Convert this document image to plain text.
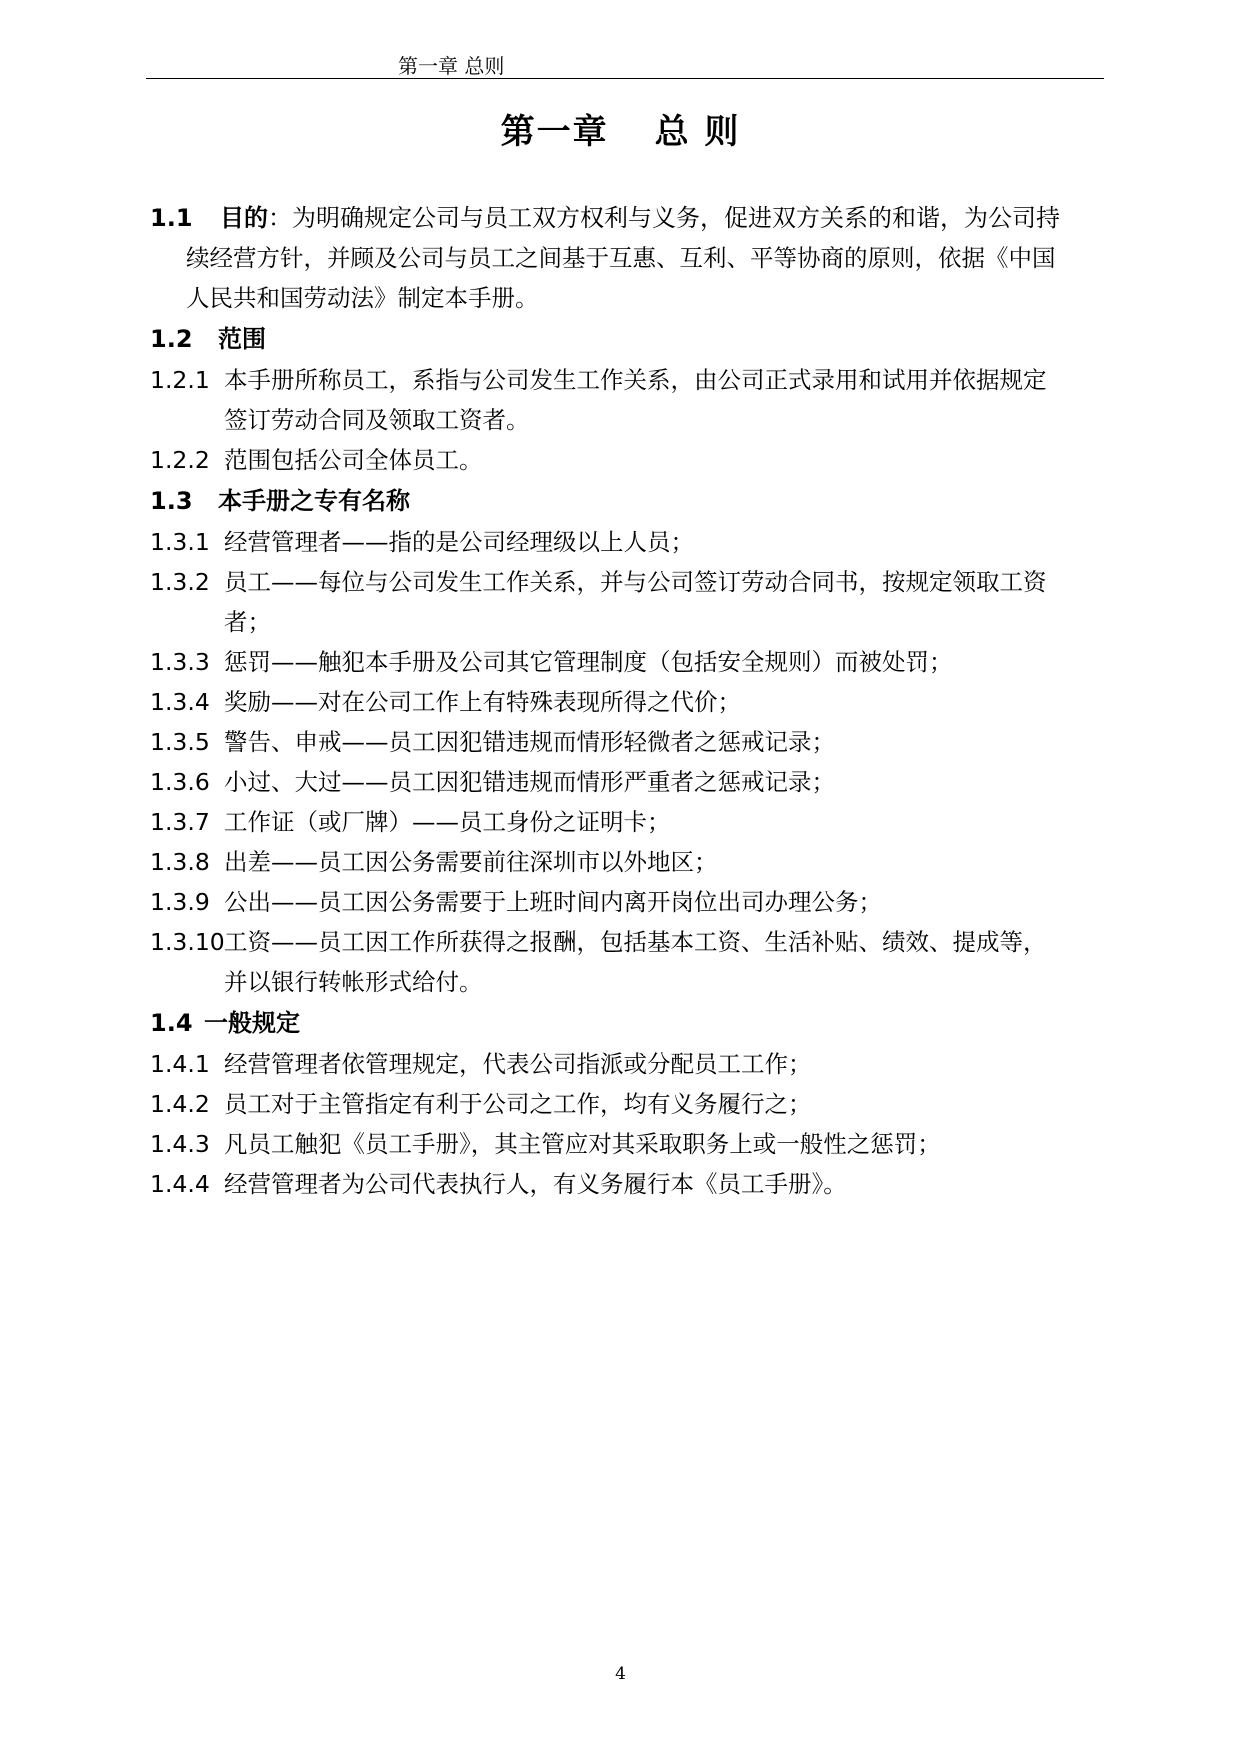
第一章 总则
第一章 总 则
1.1 目的：为明确规定公司与员工双方权利与义务，促进双方关系的和谐，为公司持
续经营方针，并顾及公司与员工之间基于互惠、互利、平等协商的原则，依据《中国
人民共和国劳动法》制定本手册。
1.2 范围
1.2.1 本手册所称员工，系指与公司发生工作关系，由公司正式录用和试用并依据规定
签订劳动合同及领取工资者。
1.2.2 范围包括公司全体员工。
1.3 本手册之专有名称
1.3.1 经营管理者——指的是公司经理级以上人员；
1.3.2 员工——每位与公司发生工作关系，并与公司签订劳动合同书，按规定领取工资
者；
1.3.3 惩罚——触犯本手册及公司其它管理制度（包括安全规则）而被处罚；
1.3.4 奖励——对在公司工作上有特殊表现所得之代价；
1.3.5 警告、申戒——员工因犯错违规而情形轻微者之惩戒记录；
1.3.6 小过、大过——员工因犯错违规而情形严重者之惩戒记录；
1.3.7 工作证（或厂牌）——员工身份之证明卡；
1.3.8 出差——员工因公务需要前往深圳市以外地区；
1.3.9 公出——员工因公务需要于上班时间内离开岗位出司办理公务；
1.3.10 工资——员工因工作所获得之报酬，包括基本工资、生活补贴、绩效、提成等，
并以银行转帐形式给付。
1.4 一般规定
1.4.1 经营管理者依管理规定，代表公司指派或分配员工工作；
1.4.2 员工对于主管指定有利于公司之工作，均有义务履行之；
1.4.3 凡员工触犯《员工手册》，其主管应对其采取职务上或一般性之惩罚；
1.4.4 经营管理者为公司代表执行人，有义务履行本《员工手册》。
4
